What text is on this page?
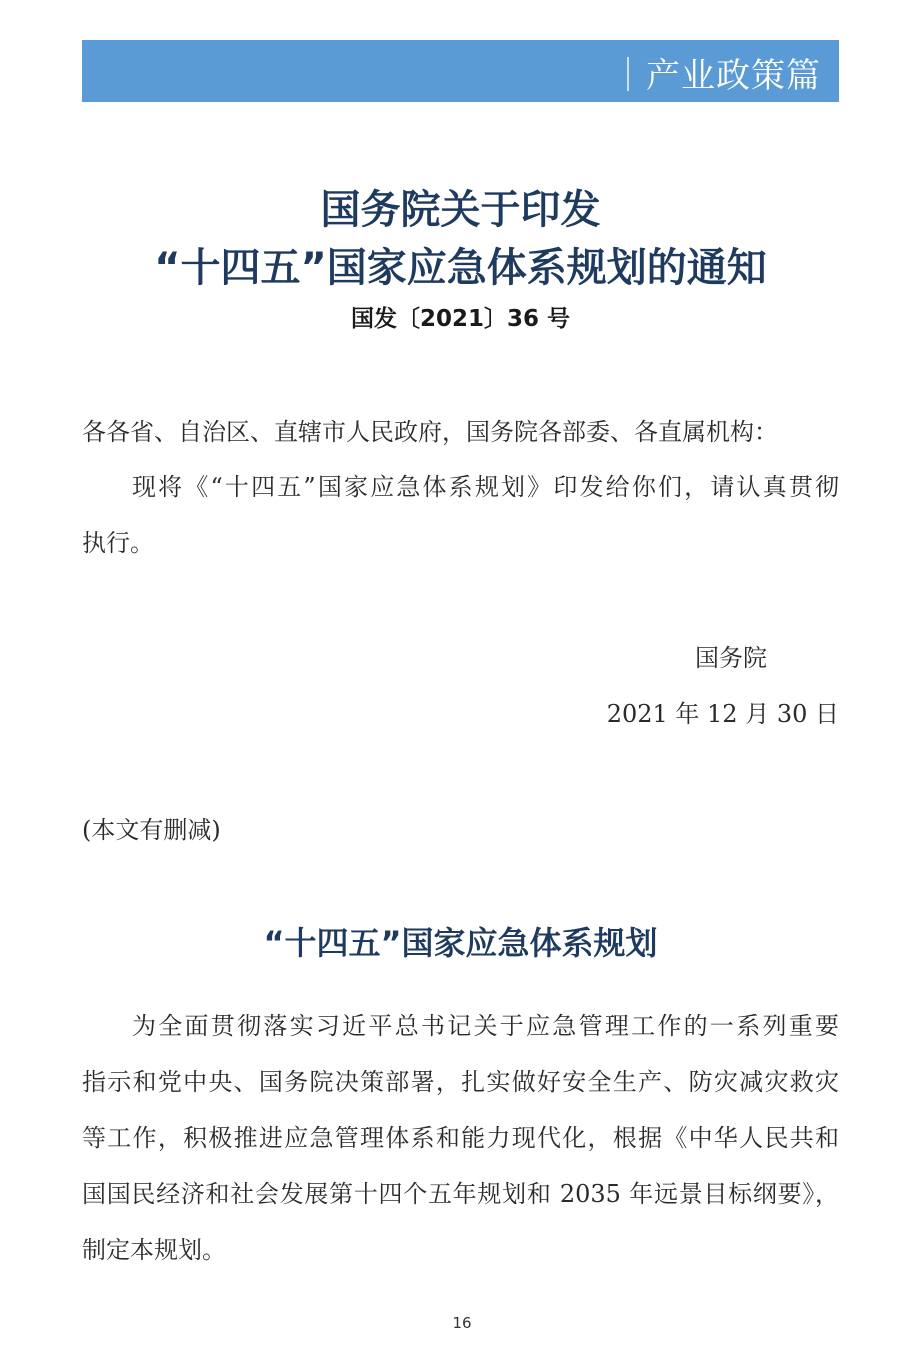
｜产业政策篇
国务院关于印发
“十四五”国家应急体系规划的通知
国发〔2021〕36 号
各各省、自治区、直辖市人民政府，国务院各部委、各直属机构：
现将《“十四五”国家应急体系规划》印发给你们，请认真贯彻
执行。
国务院
2021 年 12 月 30 日
(本文有删减)
“十四五”国家应急体系规划
为全面贯彻落实习近平总书记关于应急管理工作的一系列重要
指示和党中央、国务院决策部署，扎实做好安全生产、防灾减灾救灾
等工作，积极推进应急管理体系和能力现代化，根据《中华人民共和
国国民经济和社会发展第十四个五年规划和 2035 年远景目标纲要》，
制定本规划。
16
